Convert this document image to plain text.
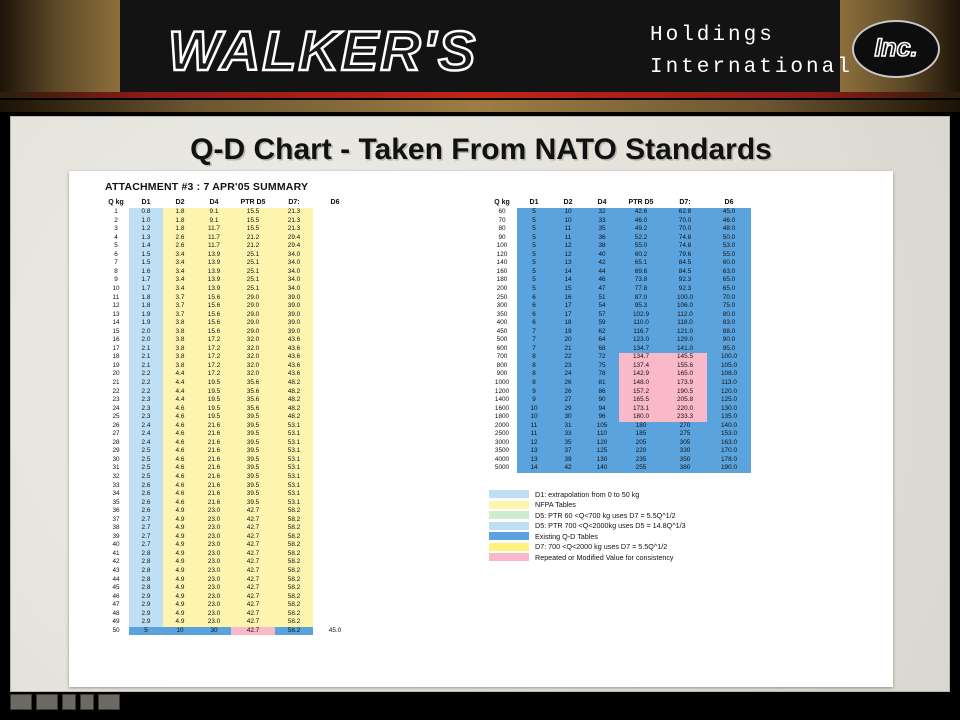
WALKER'S	Holdings
International
Inc.
Q-D Chart - Taken From NATO Standards
ATTACHMENT #3 : 7 APR'05 SUMMARY
Q kg	D1	D2	D4	PTR D5	D7:	D6
1	0.8	1.8	9.1	15.5	21.3	
2	1.0	1.8	9.1	15.5	21.3	
3	1.2	1.8	11.7	15.5	21.3	
4	1.3	2.6	11.7	21.2	29.4	
5	1.4	2.6	11.7	21.2	29.4	
6	1.5	3.4	13.9	25.1	34.0	
7	1.5	3.4	13.9	25.1	34.0	
8	1.6	3.4	13.9	25.1	34.0	
9	1.7	3.4	13.9	25.1	34.0	
10	1.7	3.4	13.9	25.1	34.0	
11	1.8	3.7	15.6	29.0	39.0	
12	1.8	3.7	15.6	29.0	39.0	
13	1.9	3.7	15.6	29.0	39.0	
14	1.9	3.8	15.6	29.0	39.0	
15	2.0	3.8	15.6	29.0	39.0	
16	2.0	3.8	17.2	32.0	43.6	
17	2.1	3.8	17.2	32.0	43.6	
18	2.1	3.8	17.2	32.0	43.6	
19	2.1	3.8	17.2	32.0	43.6	
20	2.2	4.4	17.2	32.0	43.6	
21	2.2	4.4	19.5	35.6	48.2	
22	2.2	4.4	19.5	35.6	48.2	
23	2.3	4.4	19.5	35.6	48.2	
24	2.3	4.6	19.5	35.6	48.2	
25	2.3	4.6	19.5	39.5	48.2	
26	2.4	4.6	21.6	39.5	53.1	
27	2.4	4.6	21.6	39.5	53.1	
28	2.4	4.6	21.6	39.5	53.1	
29	2.5	4.6	21.6	39.5	53.1	
30	2.5	4.6	21.6	39.5	53.1	
31	2.5	4.6	21.6	39.5	53.1	
32	2.5	4.6	21.6	39.5	53.1	
33	2.6	4.6	21.6	39.5	53.1	
34	2.6	4.6	21.6	39.5	53.1	
35	2.6	4.6	21.6	39.5	53.1	
36	2.6	4.9	23.0	42.7	58.2	
37	2.7	4.9	23.0	42.7	58.2	
38	2.7	4.9	23.0	42.7	58.2	
39	2.7	4.9	23.0	42.7	58.2	
40	2.7	4.9	23.0	42.7	58.2	
41	2.8	4.9	23.0	42.7	58.2	
42	2.8	4.9	23.0	42.7	58.2	
43	2.8	4.9	23.0	42.7	58.2	
44	2.8	4.9	23.0	42.7	58.2	
45	2.8	4.9	23.0	42.7	58.2	
46	2.9	4.9	23.0	42.7	58.2	
47	2.9	4.9	23.0	42.7	58.2	
48	2.9	4.9	23.0	42.7	58.2	
49	2.9	4.9	23.0	42.7	58.2	
50	5	10	30	42.7	58.2	45.0
Q kg	D1	D2	D4	PTR D5	D7:	D6
60	5	10	32	42.6	62.8	45.0
70	5	10	33	46.0	70.0	46.0
80	5	11	35	49.2	70.0	48.0
90	5	11	36	52.2	74.8	50.0
100	5	12	38	55.0	74.8	53.0
120	5	12	40	60.2	79.6	55.0
140	5	13	42	65.1	84.5	60.0
160	5	14	44	69.6	84.5	63.0
180	5	14	46	73.8	92.3	65.0
200	5	15	47	77.8	92.3	65.0
250	6	16	51	87.0	100.0	70.0
300	6	17	54	95.3	106.0	75.0
350	6	17	57	102.9	112.0	80.0
400	6	18	59	110.0	118.0	83.0
450	7	19	62	116.7	121.0	88.0
500	7	20	64	123.0	129.0	90.0
600	7	21	68	134.7	141.0	95.0
700	8	22	72	134.7	145.5	100.0
800	8	23	75	137.4	155.6	105.0
900	8	24	78	142.9	165.0	108.0
1000	8	26	81	148.0	173.9	113.0
1200	9	26	86	157.2	190.5	120.0
1400	9	27	90	165.5	205.8	125.0
1600	10	29	94	173.1	220.0	130.0
1800	10	30	96	180.0	233.3	135.0
2000	11	31	105	180	270	140.0
2500	11	33	110	185	275	153.0
3000	12	35	120	205	305	163.0
3500	13	37	125	220	330	170.0
4000	13	39	130	235	350	178.0
5000	14	42	140	255	380	190.0
D1: extrapolation from 0 to 50 kg
NFPA Tables
D5: PTR 60 <Q<700 kg uses D7 = 5.5Q^1/2
D5: PTR 700 <Q<2000kg uses D5 = 14.8Q^1/3
Existing Q-D Tables
D7: 700 <Q<2000 kg uses D7 = 5.5Q^1/2
Repeated or Modified Value for consistency
